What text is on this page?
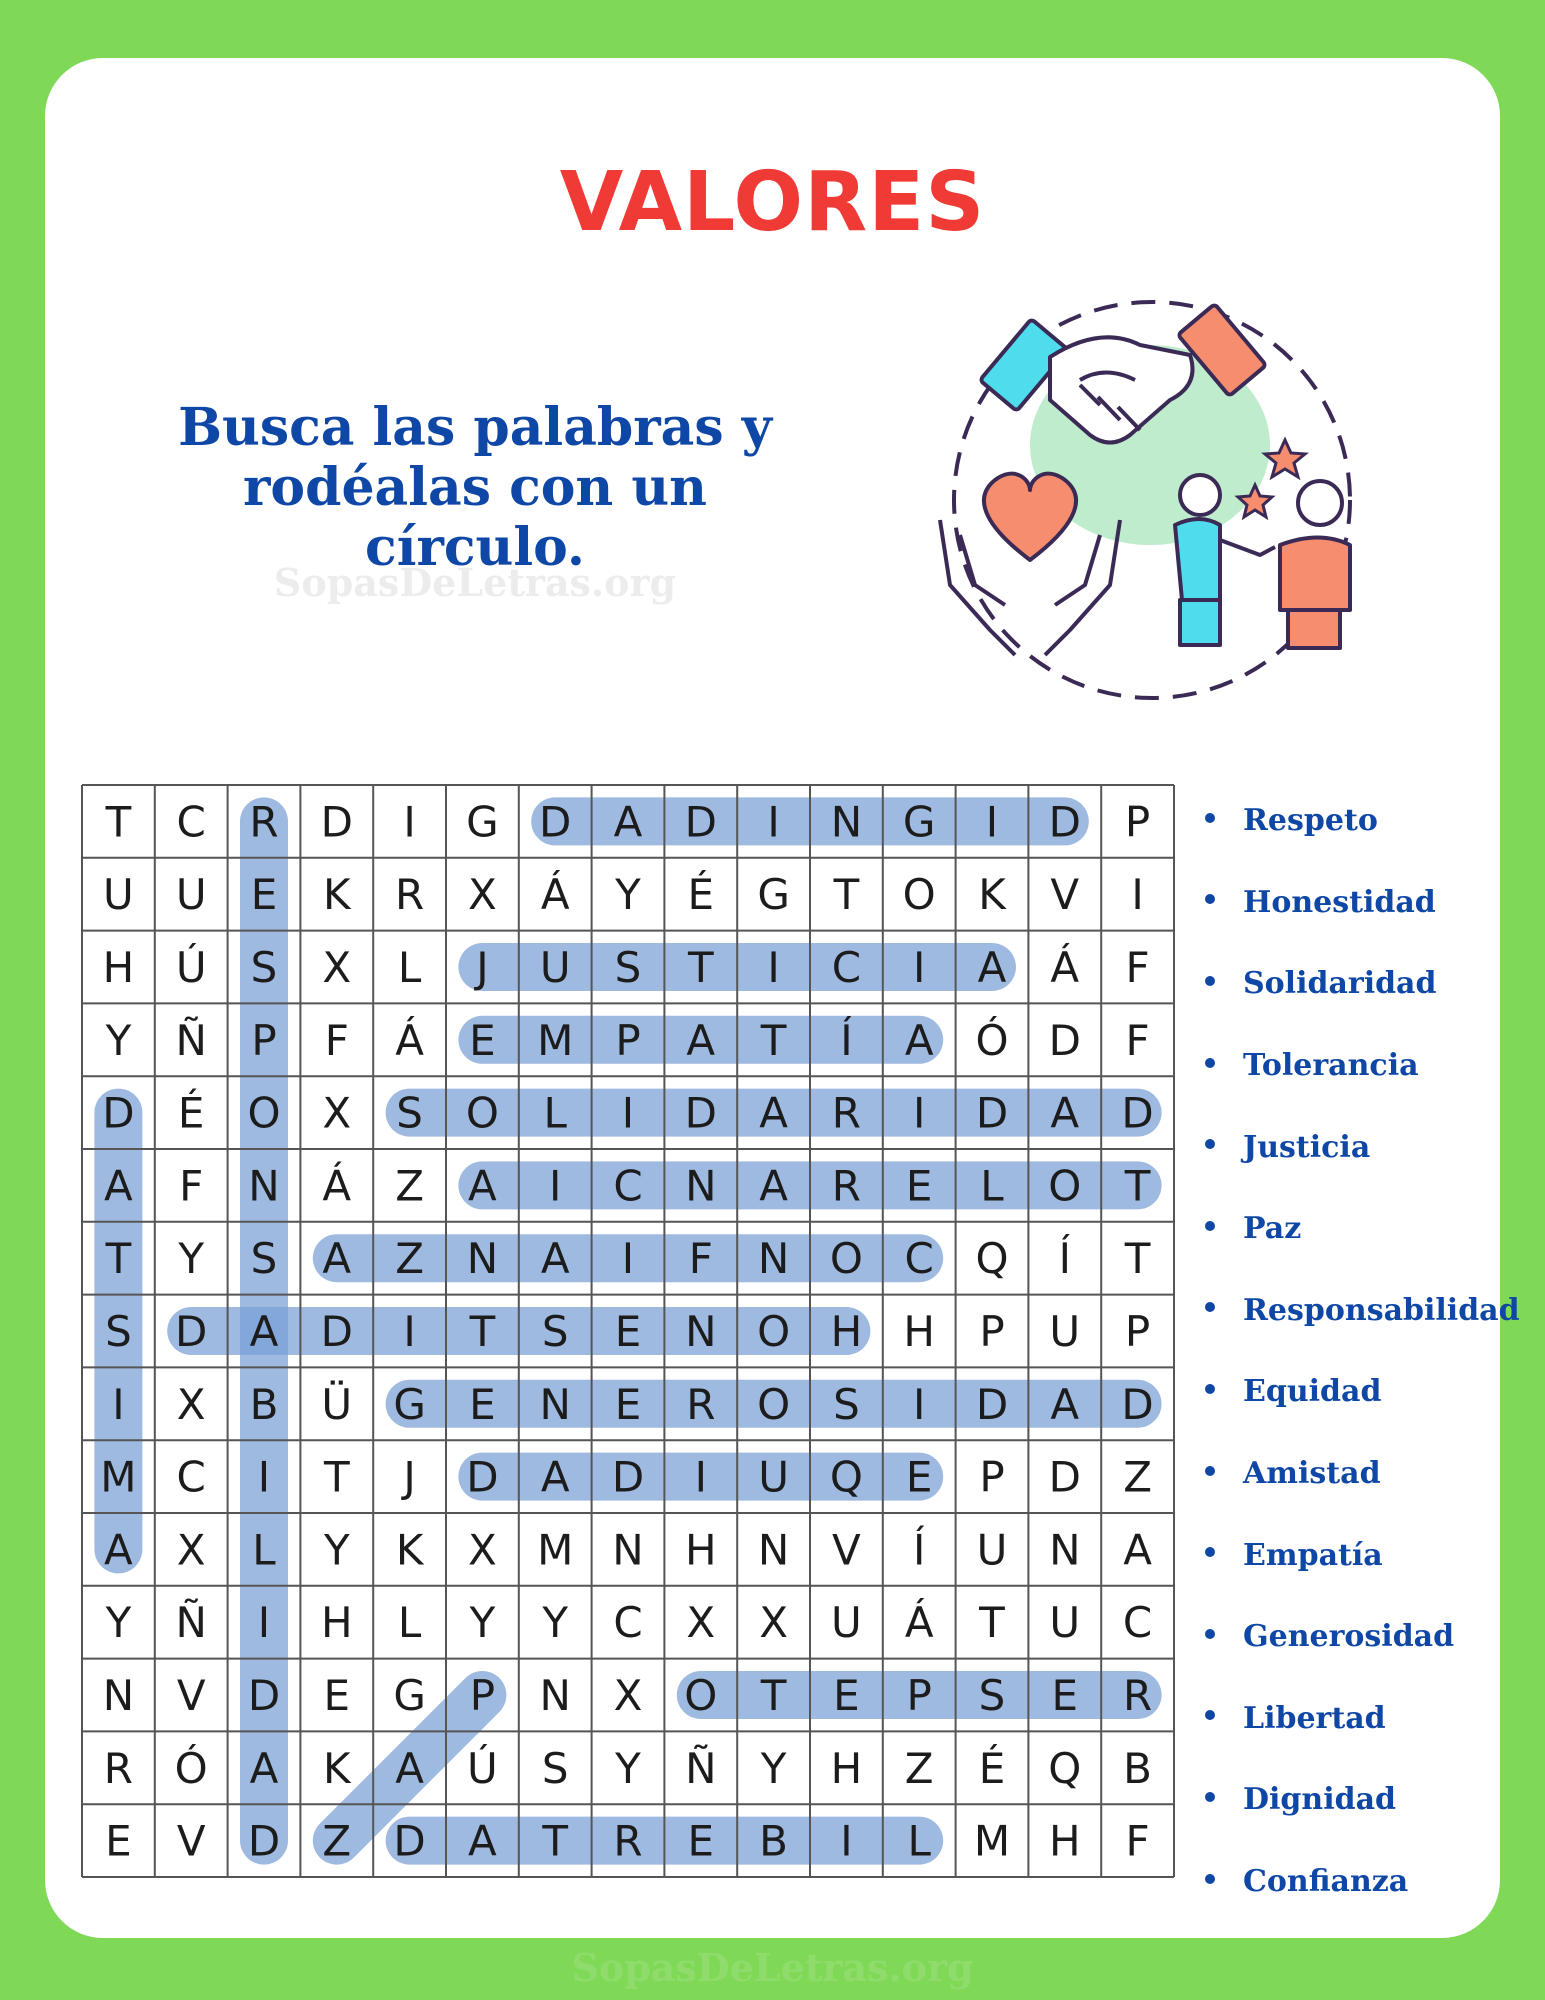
VALORES
Busca las palabras y
rodéalas con un círculo.
SopasDeLetras.org
T C R D I G D A D I N G I D P
U U E K R X Á Y É G T O K V I
H Ú S X L J U S T I C I A Á F
Y Ñ P F Á E M P A T Í A Ó D F
D É O X S O L I D A R I D A D
A F N Á Z A I C N A R E L O T
T Y S A Z N A I F N O C Q Í T
S D A D I T S E N O H H P U P
I X B Ü G E N E R O S I D A D
M C I T J D A D I U Q E P D Z
A X L Y K X M N H N V Í U N A
Y Ñ I H L Y Y C X X U Á T U C
N V D E G P N X O T E P S E R
R Ó A K A Ú S Y Ñ Y H Z É Q B
E V D Z D A T R E B I L M H F
Respeto
Honestidad
Solidaridad
Tolerancia
Justicia
Paz
Responsabilidad
Equidad
Amistad
Empatía
Generosidad
Libertad
Dignidad
Confianza
SopasDeLetras.org
